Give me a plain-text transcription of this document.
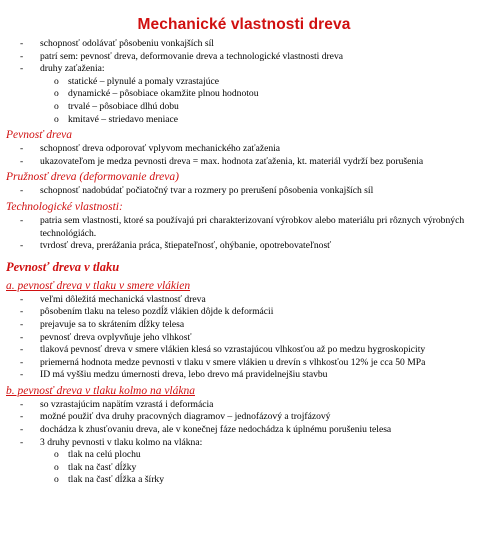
Mechanické vlastnosti dreva
- schopnosť odolávať pôsobeniu vonkajších síl
- patrí sem: pevnosť dreva, deformovanie dreva a technologické vlastnosti dreva
- druhy zaťaženia:
o statické – plynulé a pomaly vzrastajúce
o dynamické – pôsobiace okamžite plnou hodnotou
o trvalé – pôsobiace dlhú dobu
o kmitavé – striedavo meniace
Pevnosť dreva
- schopnosť dreva odporovať vplyvom mechanického zaťaženia
- ukazovateľom je medza pevnosti dreva = max. hodnota zaťaženia, kt. materiál vydrží bez porušenia
Pružnosť dreva (deformovanie dreva)
- schopnosť nadobúdať počiatočný tvar a rozmery po prerušení pôsobenia vonkajších síl
Technologické vlastnosti:
- patria sem vlastnosti, ktoré sa používajú pri charakterizovaní výrobkov alebo materiálu pri rôznych výrobných technológiách.
- tvrdosť dreva, prerážania práca, štiepateľnosť, ohýbanie, opotrebovateľnosť
Pevnosť dreva v tlaku
a. pevnosť dreva v tlaku v smere vlákien
- veľmi dôležitá mechanická vlastnosť dreva
- pôsobením tlaku na teleso pozdĺž vlákien dôjde k deformácii
- prejavuje sa to skrátením dĺžky telesa
- pevnosť dreva ovplyvňuje jeho vlhkosť
- tlaková pevnosť dreva v smere vlákien klesá so vzrastajúcou vlhkosťou až po medzu hygroskopicity
- priemerná hodnota medze pevnosti v tlaku v smere vlákien u drevín s vlhkosťou 12% je cca 50 MPa
- ID má vyššiu medzu úmernosti dreva, lebo drevo má pravidelnejšiu stavbu
b. pevnosť dreva v tlaku kolmo na vlákna
- so vzrastajúcim napätím vzrastá i deformácia
- možné použiť dva druhy pracovných diagramov – jednofázový a trojfázový
- dochádza k zhusťovaniu dreva, ale v konečnej fáze nedochádza k úplnému porušeniu telesa
- 3 druhy pevnosti v tlaku kolmo na vlákna:
o tlak na celú plochu
o tlak na časť dĺžky
o tlak na časť dĺžka a šírky
